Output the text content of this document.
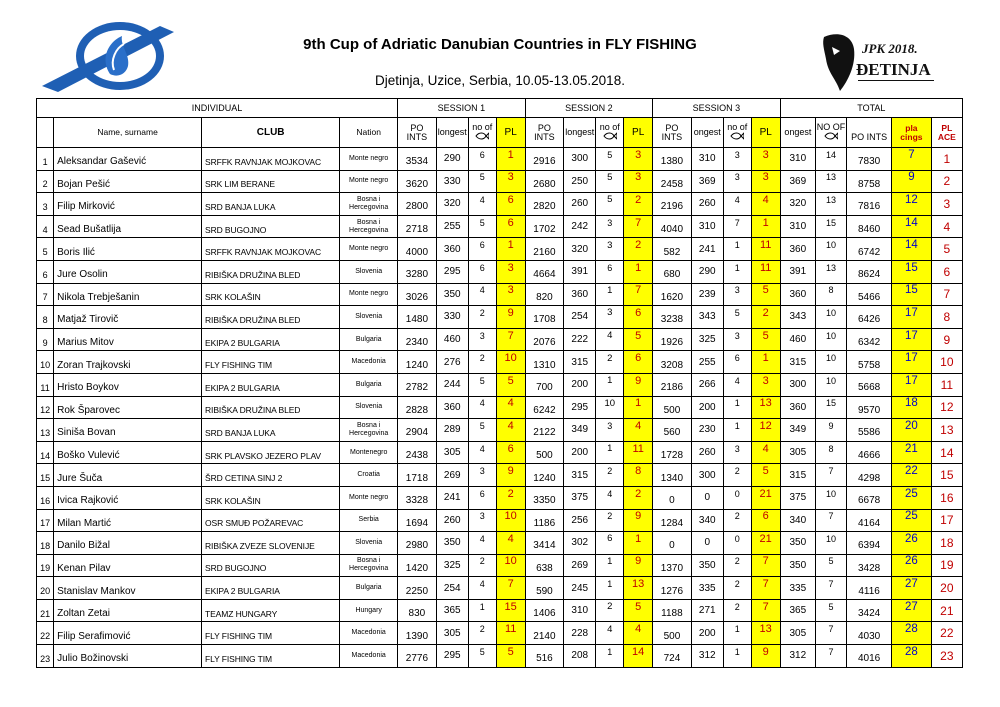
9th Cup of Adriatic Danubian Countries in FLY FISHING
Djetinja, Uzice, Serbia, 10.05-13.05.2018.
JPK 2018.
ĐETINJA
INDIVIDUAL				SESSION 1				SESSION 2				SESSION 3				TOTAL				
	Name, surname	CLUB	Nation	PO
INTS	longest	no of	PL	PO
INTS	longest	no of	PL	PO
INTS	ongest	no of	PL	ongest	NO OF	PO INTS	pla
cings	PL
ACE
1	Aleksandar Gašević	SRFFK RAVNJAK MOJKOVAC	Monte negro	3534	290	6	1	2916	300	5	3	1380	310	3	3	310	14	7830	7	1
2	Bojan Pešić	SRK LIM BERANE	Monte negro	3620	330	5	3	2680	250	5	3	2458	369	3	3	369	13	8758	9	2
3	Filip Mirković	SRD BANJA LUKA	Bosna i Hercegovina	2800	320	4	6	2820	260	5	2	2196	260	4	4	320	13	7816	12	3
4	Sead Bušatlija	SRD BUGOJNO	Bosna i Hercegovina	2718	255	5	6	1702	242	3	7	4040	310	7	1	310	15	8460	14	4
5	Boris Ilić	SRFFK RAVNJAK MOJKOVAC	Monte negro	4000	360	6	1	2160	320	3	2	582	241	1	11	360	10	6742	14	5
6	Jure Osolin	RIBIŠKA DRUŽINA BLED	Slovenia	3280	295	6	3	4664	391	6	1	680	290	1	11	391	13	8624	15	6
7	Nikola Trebješanin	SRK KOLAŠIN	Monte negro	3026	350	4	3	820	360	1	7	1620	239	3	5	360	8	5466	15	7
8	Matjaž Tirovič	RIBIŠKA DRUŽINA BLED	Slovenia	1480	330	2	9	1708	254	3	6	3238	343	5	2	343	10	6426	17	8
9	Marius Mitov	EKIPA 2 BULGARIA	Bulgaria	2340	460	3	7	2076	222	4	5	1926	325	3	5	460	10	6342	17	9
10	Zoran Trajkovski	FLY FISHING TIM	Macedonia	1240	276	2	10	1310	315	2	6	3208	255	6	1	315	10	5758	17	10
11	Hristo Boykov	EKIPA 2 BULGARIA	Bulgaria	2782	244	5	5	700	200	1	9	2186	266	4	3	300	10	5668	17	11
12	Rok Šparovec	RIBIŠKA DRUŽINA BLED	Slovenia	2828	360	4	4	6242	295	10	1	500	200	1	13	360	15	9570	18	12
13	Siniša Bovan	SRD BANJA LUKA	Bosna i Hercegovina	2904	289	5	4	2122	349	3	4	560	230	1	12	349	9	5586	20	13
14	Boško Vulević	SRK PLAVSKO JEZERO PLAV	Montenegro	2438	305	4	6	500	200	1	11	1728	260	3	4	305	8	4666	21	14
15	Jure Šuča	ŠRD CETINA SINJ 2	Croatia	1718	269	3	9	1240	315	2	8	1340	300	2	5	315	7	4298	22	15
16	Ivica Rajković	SRK KOLAŠIN	Monte negro	3328	241	6	2	3350	375	4	2	0	0	0	21	375	10	6678	25	16
17	Milan Martić	OSR SMUĐ POŽAREVAC	Serbia	1694	260	3	10	1186	256	2	9	1284	340	2	6	340	7	4164	25	17
18	Danilo Bižal	RIBIŠKA ZVEZE SLOVENIJE	Slovenia	2980	350	4	4	3414	302	6	1	0	0	0	21	350	10	6394	26	18
19	Kenan Pilav	SRD BUGOJNO	Bosna i Hercegovina	1420	325	2	10	638	269	1	9	1370	350	2	7	350	5	3428	26	19
20	Stanislav Mankov	EKIPA 2 BULGARIA	Bulgaria	2250	254	4	7	590	245	1	13	1276	335	2	7	335	7	4116	27	20
21	Zoltan Zetai	TEAMZ HUNGARY	Hungary	830	365	1	15	1406	310	2	5	1188	271	2	7	365	5	3424	27	21
22	Filip Serafimović	FLY FISHING TIM	Macedonia	1390	305	2	11	2140	228	4	4	500	200	1	13	305	7	4030	28	22
23	Julio Božinovski	FLY FISHING TIM	Macedonia	2776	295	5	5	516	208	1	14	724	312	1	9	312	7	4016	28	23
